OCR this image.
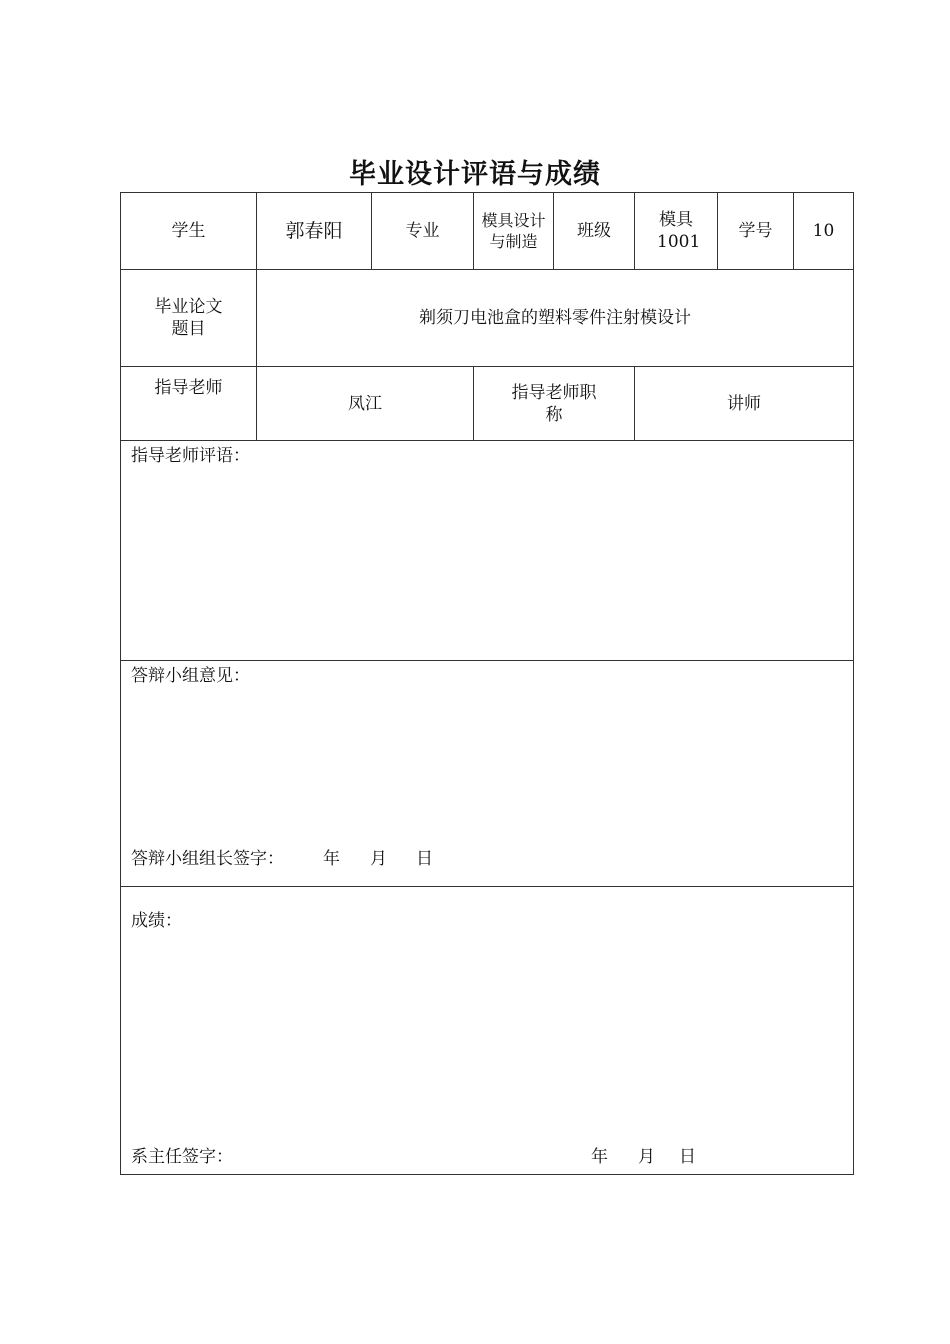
毕业设计评语与成绩
学生	郭春阳	专业	模具设计与制造	班级	模具1001	学号	10
毕业论文题目	剃须刀电池盒的塑料零件注射模设计						
指导老师	凤江		指导老师职称		讲师		

指导老师评语：							

答辩小组意见：
答辩小组组长签字： 年 月 日							

成绩：
系主任签字： 年 月 日							
